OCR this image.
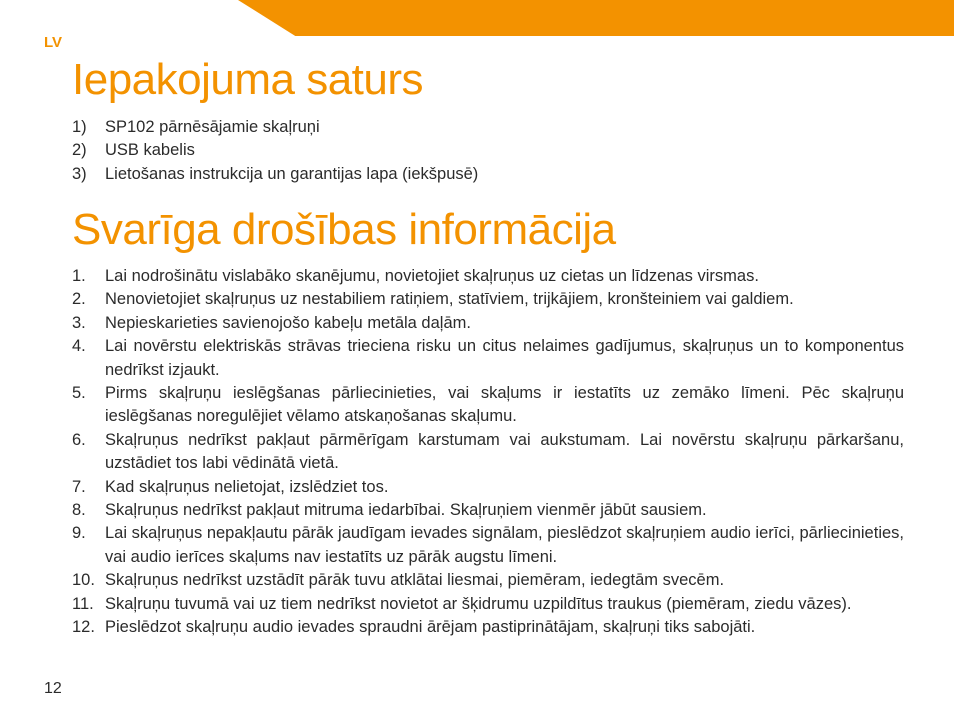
LV
Iepakojuma saturs
1)	SP102 pārnēsājamie skaļruņi
2)	USB kabelis
3)	Lietošanas instrukcija un garantijas lapa (iekšpusē)
Svarīga drošības informācija
1.	Lai nodrošinātu vislabāko skanējumu, novietojiet skaļruņus uz cietas un līdzenas virsmas.
2.	Nenovietojiet skaļruņus uz nestabiliem ratiņiem, statīviem, trijkājiem, kronšteiniem vai galdiem.
3.	Nepieskarieties savienojošo kabeļu metāla daļām.
4.	Lai novērstu elektriskās strāvas trieciena risku un citus nelaimes gadījumus, skaļruņus un to komponentus nedrīkst izjaukt.
5.	Pirms skaļruņu ieslēgšanas pārliecinieties, vai skaļums ir iestatīts uz zemāko līmeni. Pēc skaļruņu ieslēgšanas noregulējiet vēlamo atskaņošanas skaļumu.
6.	Skaļruņus nedrīkst pakļaut pārmērīgam karstumam vai aukstumam. Lai novērstu skaļruņu pārkaršanu, uzstādiet tos labi vēdinātā vietā.
7.	Kad skaļruņus nelietojat, izslēdziet tos.
8.	Skaļruņus nedrīkst pakļaut mitruma iedarbībai. Skaļruņiem vienmēr jābūt sausiem.
9.	Lai skaļruņus nepakļautu pārāk jaudīgam ievades signālam, pieslēdzot skaļruņiem audio ierīci, pārliecinieties, vai audio ierīces skaļums nav iestatīts uz pārāk augstu līmeni.
10. Skaļruņus nedrīkst uzstādīt pārāk tuvu atklātai liesmai, piemēram, iedegtām svecēm.
11. Skaļruņu tuvumā vai uz tiem nedrīkst novietot ar šķidrumu uzpildītus traukus (piemēram, ziedu vāzes).
12. Pieslēdzot skaļruņu audio ievades spraudni ārējam pastiprinātājam, skaļruņi tiks sabojāti.
12
